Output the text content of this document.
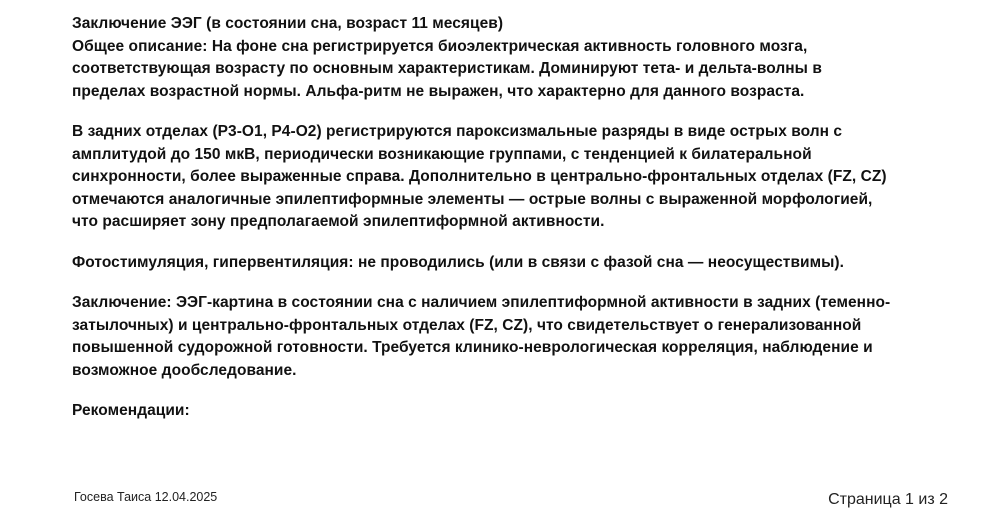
Заключение ЭЭГ (в состоянии сна, возраст 11 месяцев)
Общее описание: На фоне сна регистрируется биоэлектрическая активность головного мозга,
соответствующая возрасту по основным характеристикам. Доминируют тета- и дельта-волны в
пределах возрастной нормы. Альфа-ритм не выражен, что характерно для данного возраста.
В задних отделах (P3-O1, P4-O2) регистрируются пароксизмальные разряды в виде острых волн с
амплитудой до 150 мкВ, периодически возникающие группами, с тенденцией к билатеральной
синхронности, более выраженные справа. Дополнительно в центрально-фронтальных отделах (FZ, CZ)
отмечаются аналогичные эпилептиформные элементы — острые волны с выраженной морфологией,
что расширяет зону предполагаемой эпилептиформной активности.
Фотостимуляция, гипервентиляция: не проводились (или в связи с фазой сна — неосуществимы).
Заключение: ЭЭГ-картина в состоянии сна с наличием эпилептиформной активности в задних (теменно-
затылочных) и центрально-фронтальных отделах (FZ, CZ), что свидетельствует о генерализованной
повышенной судорожной готовности. Требуется клинико-неврологическая корреляция, наблюдение и
возможное дообследование.
Рекомендации:
Госева Таиса 12.04.2025	Страница 1 из 2
